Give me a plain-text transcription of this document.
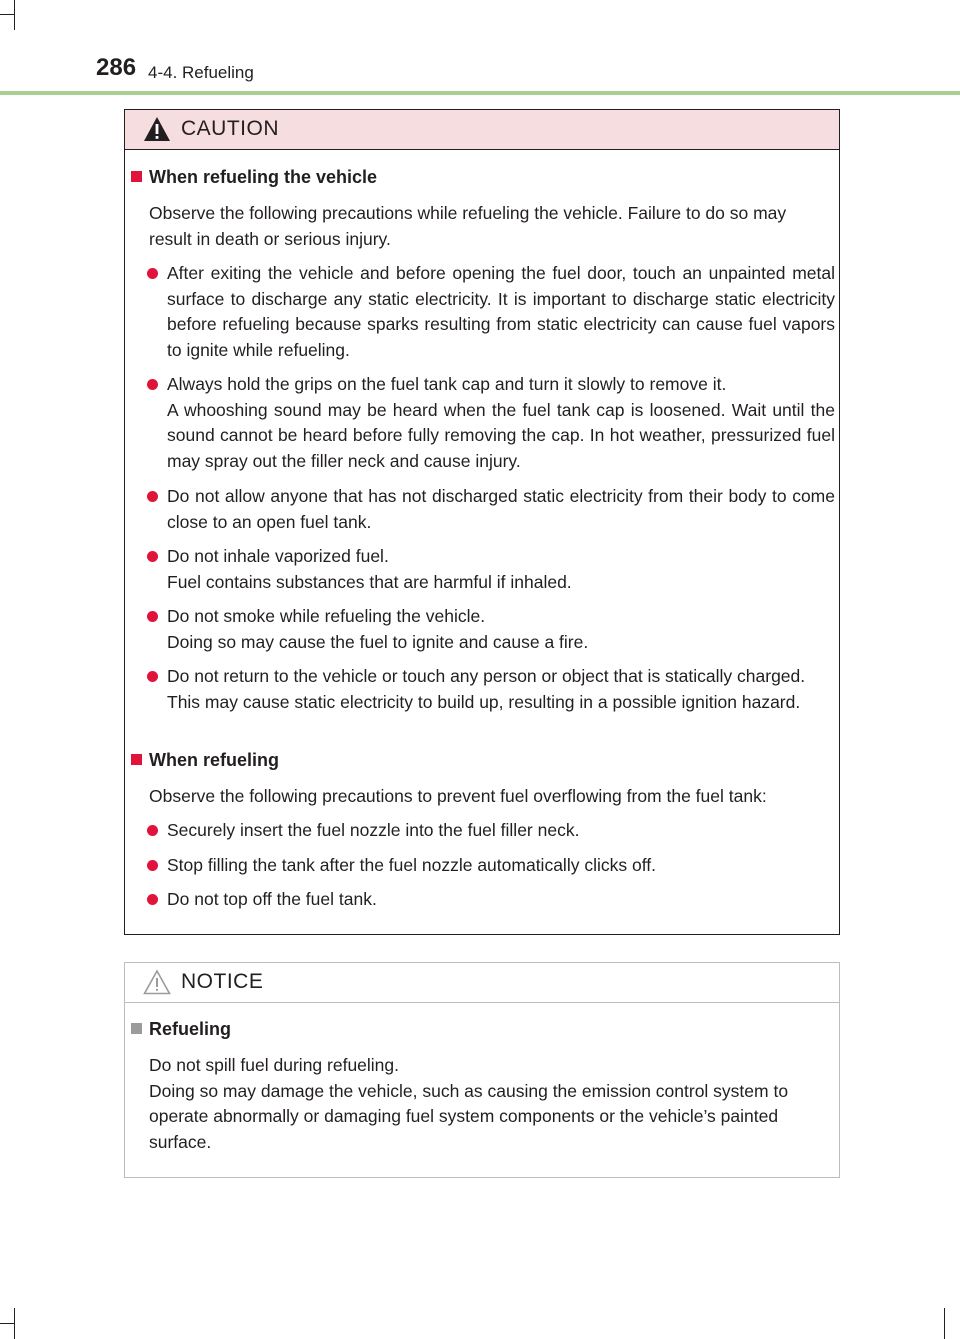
286 4-4. Refueling
CAUTION
When refueling the vehicle
Observe the following precautions while refueling the vehicle. Failure to do so may result in death or serious injury.
After exiting the vehicle and before opening the fuel door, touch an unpainted metal surface to discharge any static electricity. It is important to discharge static electricity before refueling because sparks resulting from static electricity can cause fuel vapors to ignite while refueling.
Always hold the grips on the fuel tank cap and turn it slowly to remove it.
A whooshing sound may be heard when the fuel tank cap is loosened. Wait until the sound cannot be heard before fully removing the cap. In hot weather, pressurized fuel may spray out the filler neck and cause injury.
Do not allow anyone that has not discharged static electricity from their body to come close to an open fuel tank.
Do not inhale vaporized fuel.
Fuel contains substances that are harmful if inhaled.
Do not smoke while refueling the vehicle.
Doing so may cause the fuel to ignite and cause a fire.
Do not return to the vehicle or touch any person or object that is statically charged.
This may cause static electricity to build up, resulting in a possible ignition hazard.
When refueling
Observe the following precautions to prevent fuel overflowing from the fuel tank:
Securely insert the fuel nozzle into the fuel filler neck.
Stop filling the tank after the fuel nozzle automatically clicks off.
Do not top off the fuel tank.
NOTICE
Refueling
Do not spill fuel during refueling.
Doing so may damage the vehicle, such as causing the emission control system to operate abnormally or damaging fuel system components or the vehicle’s painted surface.
